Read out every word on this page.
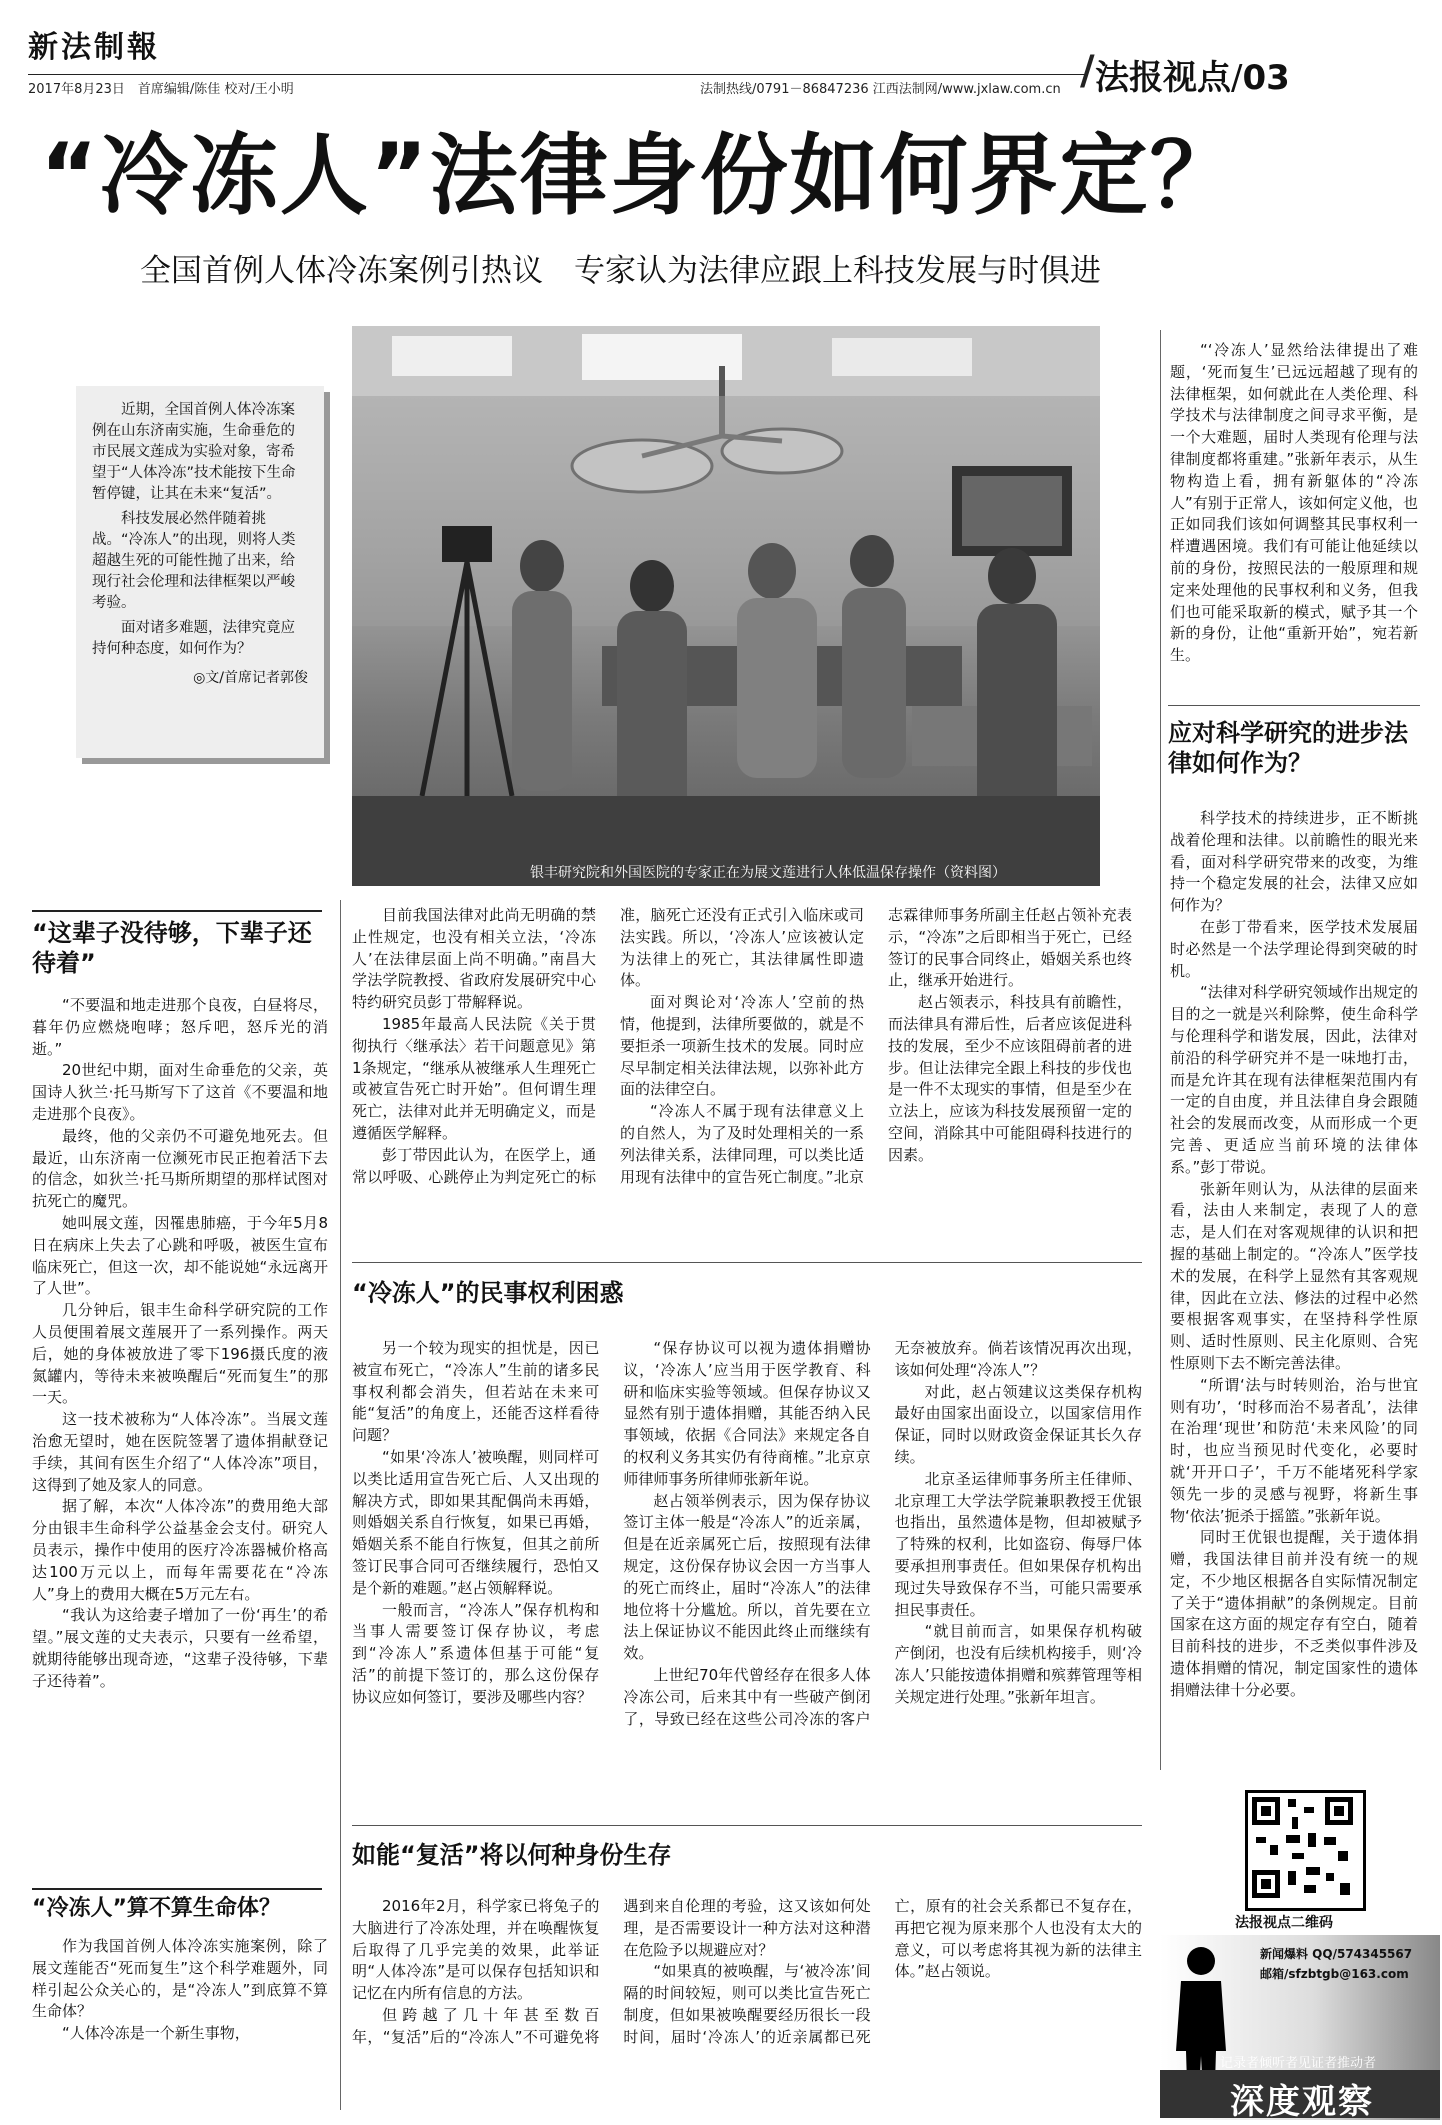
新法制報
2017年8月23日　首席编辑/陈佳 校对/王小明	法制热线/0791－86847236 江西法制网/www.jxlaw.com.cn / 法报视点/03
“冷冻人”法律身份如何界定？
全国首例人体冷冻案例引热议　专家认为法律应跟上科技发展与时俱进
银丰研究院和外国医院的专家正在为展文莲进行人体低温保存操作（资料图）

近期，全国首例人体冷冻案例在山东济南实施，生命垂危的市民展文莲成为实验对象，寄希望于“人体冷冻”技术能按下生命暂停键，让其在未来“复活”。

科技发展必然伴随着挑战。“冷冻人”的出现，则将人类超越生死的可能性抛了出来，给现行社会伦理和法律框架以严峻考验。

面对诸多难题，法律究竟应持何种态度，如何作为？

◎文/首席记者郭俊
“这辈子没待够，下辈子还待着”

“不要温和地走进那个良夜，白昼将尽，暮年仍应燃烧咆哮；怒斥吧，怒斥光的消逝。”

20世纪中期，面对生命垂危的父亲，英国诗人狄兰·托马斯写下了这首《不要温和地走进那个良夜》。

最终，他的父亲仍不可避免地死去。但最近，山东济南一位濒死市民正抱着活下去的信念，如狄兰·托马斯所期望的那样试图对抗死亡的魔咒。

她叫展文莲，因罹患肺癌，于今年5月8日在病床上失去了心跳和呼吸，被医生宣布临床死亡，但这一次，却不能说她“永远离开了人世”。

几分钟后，银丰生命科学研究院的工作人员便围着展文莲展开了一系列操作。两天后，她的身体被放进了零下196摄氏度的液氮罐内，等待未来被唤醒后“死而复生”的那一天。

这一技术被称为“人体冷冻”。当展文莲治愈无望时，她在医院签署了遗体捐献登记手续，其间有医生介绍了“人体冷冻”项目，这得到了她及家人的同意。

据了解，本次“人体冷冻”的费用绝大部分由银丰生命科学公益基金会支付。研究人员表示，操作中使用的医疗冷冻器械价格高达100万元以上，而每年需要花在“冷冻人”身上的费用大概在5万元左右。

“我认为这给妻子增加了一份‘再生’的希望。”展文莲的丈夫表示，只要有一丝希望，就期待能够出现奇迹，“这辈子没待够，下辈子还待着”。

“冷冻人”算不算生命体？

作为我国首例人体冷冻实施案例，除了展文莲能否“死而复生”这个科学难题外，同样引起公众关心的，是“冷冻人”到底算不算生命体？

“人体冷冻是一个新生事物，

目前我国法律对此尚无明确的禁止性规定，也没有相关立法，‘冷冻人’在法律层面上尚不明确。”南昌大学法学院教授、省政府发展研究中心特约研究员彭丁带解释说。

1985年最高人民法院《关于贯彻执行〈继承法〉若干问题意见》第1条规定，“继承从被继承人生理死亡或被宣告死亡时开始”。但何谓生理死亡，法律对此并无明确定义，而是遵循医学解释。

彭丁带因此认为，在医学上，通常以呼吸、心跳停止为判定死亡的标准，脑死亡还没有正式引入临床或司法实践。所以，‘冷冻人’应该被认定为法律上的死亡，其法律属性即遗体。

面对舆论对‘冷冻人’空前的热情，他提到，法律所要做的，就是不要拒杀一项新生技术的发展。同时应尽早制定相关法律法规，以弥补此方面的法律空白。

“冷冻人不属于现有法律意义上的自然人，为了及时处理相关的一系列法律关系，法律同理，可以类比适用现有法律中的宣告死亡制度。”北京志霖律师事务所副主任赵占领补充表示，“冷冻”之后即相当于死亡，已经签订的民事合同终止，婚姻关系也终止，继承开始进行。

赵占领表示，科技具有前瞻性，而法律具有滞后性，后者应该促进科技的发展，至少不应该阻碍前者的进步。但让法律完全跟上科技的步伐也是一件不太现实的事情，但是至少在立法上，应该为科技发展预留一定的空间，消除其中可能阻碍科技进行的因素。

“冷冻人”的民事权利困惑

另一个较为现实的担忧是，因已被宣布死亡，“冷冻人”生前的诸多民事权利都会消失，但若站在未来可能“复活”的角度上，还能否这样看待问题？

“如果‘冷冻人’被唤醒，则同样可以类比适用宣告死亡后、人又出现的解决方式，即如果其配偶尚未再婚，则婚姻关系自行恢复，如果已再婚，婚姻关系不能自行恢复，但其之前所签订民事合同可否继续履行，恐怕又是个新的难题。”赵占领解释说。

一般而言，“冷冻人”保存机构和当事人需要签订保存协议，考虑到“冷冻人”系遗体但基于可能“复活”的前提下签订的，那么这份保存协议应如何签订，要涉及哪些内容？

“保存协议可以视为遗体捐赠协议，‘冷冻人’应当用于医学教育、科研和临床实验等领域。但保存协议又显然有别于遗体捐赠，其能否纳入民事领域，依据《合同法》来规定各自的权利义务其实仍有待商榷。”北京京师律师事务所律师张新年说。

赵占领举例表示，因为保存协议签订主体一般是“冷冻人”的近亲属，但是在近亲属死亡后，按照现有法律规定，这份保存协议会因一方当事人的死亡而终止，届时“冷冻人”的法律地位将十分尴尬。所以，首先要在立法上保证协议不能因此终止而继续有效。

上世纪70年代曾经存在很多人体冷冻公司，后来其中有一些破产倒闭了，导致已经在这些公司冷冻的客户无奈被放弃。倘若该情况再次出现，该如何处理“冷冻人”？

对此，赵占领建议这类保存机构最好由国家出面设立，以国家信用作保证，同时以财政资金保证其长久存续。

北京圣运律师事务所主任律师、北京理工大学法学院兼职教授王优银也指出，虽然遗体是物，但却被赋予了特殊的权利，比如盗窃、侮辱尸体要承担刑事责任。但如果保存机构出现过失导致保存不当，可能只需要承担民事责任。

“就目前而言，如果保存机构破产倒闭，也没有后续机构接手，则‘冷冻人’只能按遗体捐赠和殡葬管理等相关规定进行处理。”张新年坦言。

如能“复活”将以何种身份生存

2016年2月，科学家已将兔子的大脑进行了冷冻处理，并在唤醒恢复后取得了几乎完美的效果，此举证明“人体冷冻”是可以保存包括知识和记忆在内所有信息的方法。

但跨越了几十年甚至数百年，“复活”后的“冷冻人”不可避免将遇到来自伦理的考验，这又该如何处理，是否需要设计一种方法对这种潜在危险予以规避应对？

“如果真的被唤醒，与‘被冷冻’间隔的时间较短，则可以类比宣告死亡制度，但如果被唤醒要经历很长一段时间，届时‘冷冻人’的近亲属都已死亡，原有的社会关系都已不复存在，再把它视为原来那个人也没有太大的意义，可以考虑将其视为新的法律主体。”赵占领说。

“‘冷冻人’显然给法律提出了难题，‘死而复生’已远远超越了现有的法律框架，如何就此在人类伦理、科学技术与法律制度之间寻求平衡，是一个大难题，届时人类现有伦理与法律制度都将重建。”张新年表示，从生物构造上看，拥有新躯体的“冷冻人”有别于正常人，该如何定义他，也正如同我们该如何调整其民事权利一样遭遇困境。我们有可能让他延续以前的身份，按照民法的一般原理和规定来处理他的民事权利和义务，但我们也可能采取新的模式，赋予其一个新的身份，让他“重新开始”，宛若新生。

应对科学研究的进步法律如何作为？

科学技术的持续进步，正不断挑战着伦理和法律。以前瞻性的眼光来看，面对科学研究带来的改变，为维持一个稳定发展的社会，法律又应如何作为？

在彭丁带看来，医学技术发展届时必然是一个法学理论得到突破的时机。

“法律对科学研究领域作出规定的目的之一就是兴利除弊，使生命科学与伦理科学和谐发展，因此，法律对前沿的科学研究并不是一味地打击，而是允许其在现有法律框架范围内有一定的自由度，并且法律自身会跟随社会的发展而改变，从而形成一个更完善、更适应当前环境的法律体系。”彭丁带说。

张新年则认为，从法律的层面来看，法由人来制定，表现了人的意志，是人们在对客观规律的认识和把握的基础上制定的。“冷冻人”医学技术的发展，在科学上显然有其客观规律，因此在立法、修法的过程中必然要根据客观事实，在坚持科学性原则、适时性原则、民主化原则、合宪性原则下去不断完善法律。

“所谓‘法与时转则治，治与世宜则有功’，‘时移而治不易者乱’，法律在治理‘现世’和防范‘未来风险’的同时，也应当预见时代变化，必要时就‘开开口子’，千万不能堵死科学家领先一步的灵感与视野，将新生事物‘依法’扼杀于摇篮。”张新年说。

同时王优银也提醒，关于遗体捐赠，我国法律目前并没有统一的规定，不少地区根据各自实际情况制定了关于“遗体捐献”的条例规定。目前国家在这方面的规定存有空白，随着目前科技的进步，不乏类似事件涉及遗体捐赠的情况，制定国家性的遗体捐赠法律十分必要。

法报视点二维码
新闻爆料 QQ/574345567
邮箱/sfzbtgb@163.com
记录者倾听者见证者推动者
深度观察
